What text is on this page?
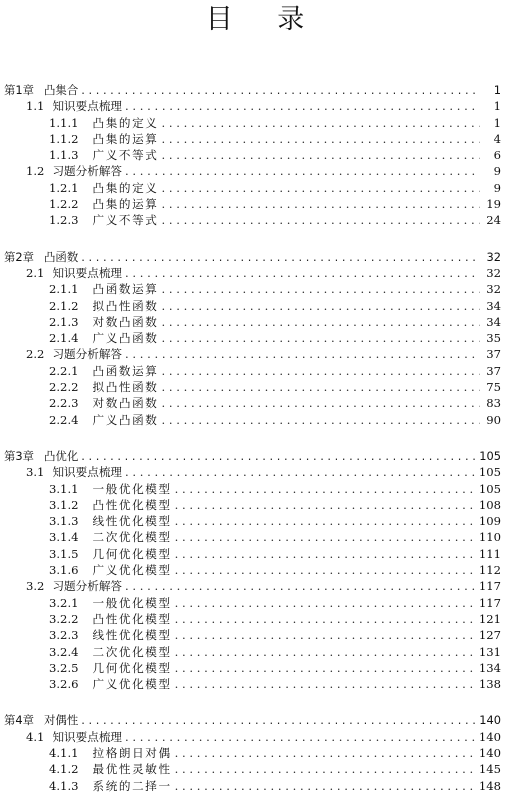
目 录
第1章 凸集合 . . .	1
1.1 知识要点梳理 . . .	1
1.1.1 凸集的定义 . . .	1
1.1.2 凸集的运算 . . .	4
1.1.3 广义不等式 . . .	6
1.2 习题分析解答 . . .	9
1.2.1 凸集的定义 . . .	9
1.2.2 凸集的运算 . . .	19
1.2.3 广义不等式 . . .	24
第2章 凸函数 . . .	32
2.1 知识要点梳理 . . .	32
2.1.1 凸函数运算 . . .	32
2.1.2 拟凸性函数 . . .	34
2.1.3 对数凸函数 . . .	34
2.1.4 广义凸函数 . . .	35
2.2 习题分析解答 . . .	37
2.2.1 凸函数运算 . . .	37
2.2.2 拟凸性函数 . . .	75
2.2.3 对数凸函数 . . .	83
2.2.4 广义凸函数 . . .	90
第3章 凸优化 . . .	105
3.1 知识要点梳理 . . .	105
3.1.1 一般优化模型 . . .	105
3.1.2 凸性优化模型 . . .	108
3.1.3 线性优化模型 . . .	109
3.1.4 二次优化模型 . . .	110
3.1.5 几何优化模型 . . .	111
3.1.6 广义优化模型 . . .	112
3.2 习题分析解答 . . .	117
3.2.1 一般优化模型 . . .	117
3.2.2 凸性优化模型 . . .	121
3.2.3 线性优化模型 . . .	127
3.2.4 二次优化模型 . . .	131
3.2.5 几何优化模型 . . .	134
3.2.6 广义优化模型 . . .	138
第4章 对偶性 . . .	140
4.1 知识要点梳理 . . .	140
4.1.1 拉格朗日对偶 . . .	140
4.1.2 最优性灵敏性 . . .	145
4.1.3 系统的二择一 . . .	148
